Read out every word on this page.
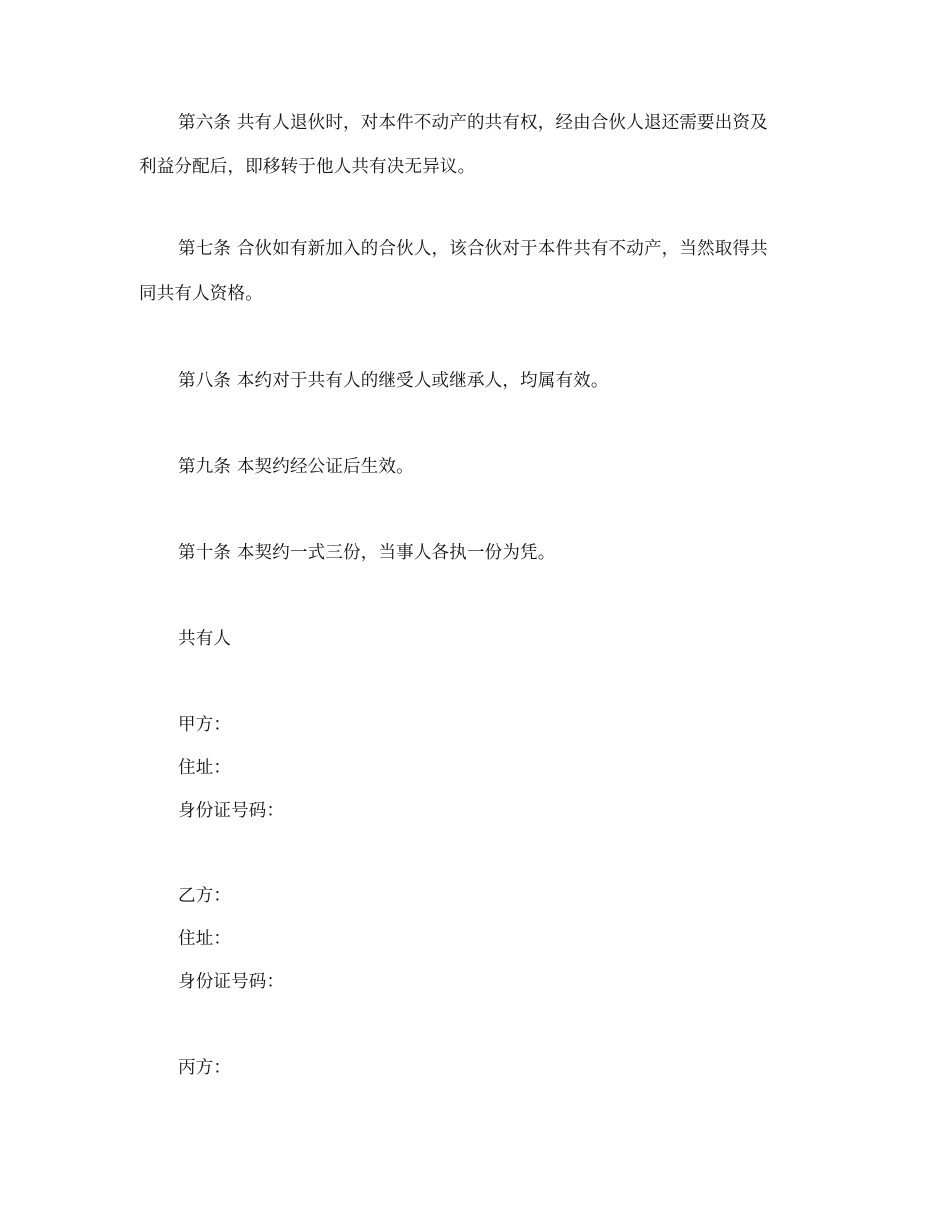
第六条 共有人退伙时，对本件不动产的共有权，经由合伙人退还需要出资及
利益分配后，即移转于他人共有决无异议。
第七条 合伙如有新加入的合伙人，该合伙对于本件共有不动产，当然取得共
同共有人资格。
第八条 本约对于共有人的继受人或继承人，均属有效。
第九条 本契约经公证后生效。
第十条 本契约一式三份，当事人各执一份为凭。
共有人
甲方：
住址：
身份证号码：
乙方：
住址：
身份证号码：
丙方：
